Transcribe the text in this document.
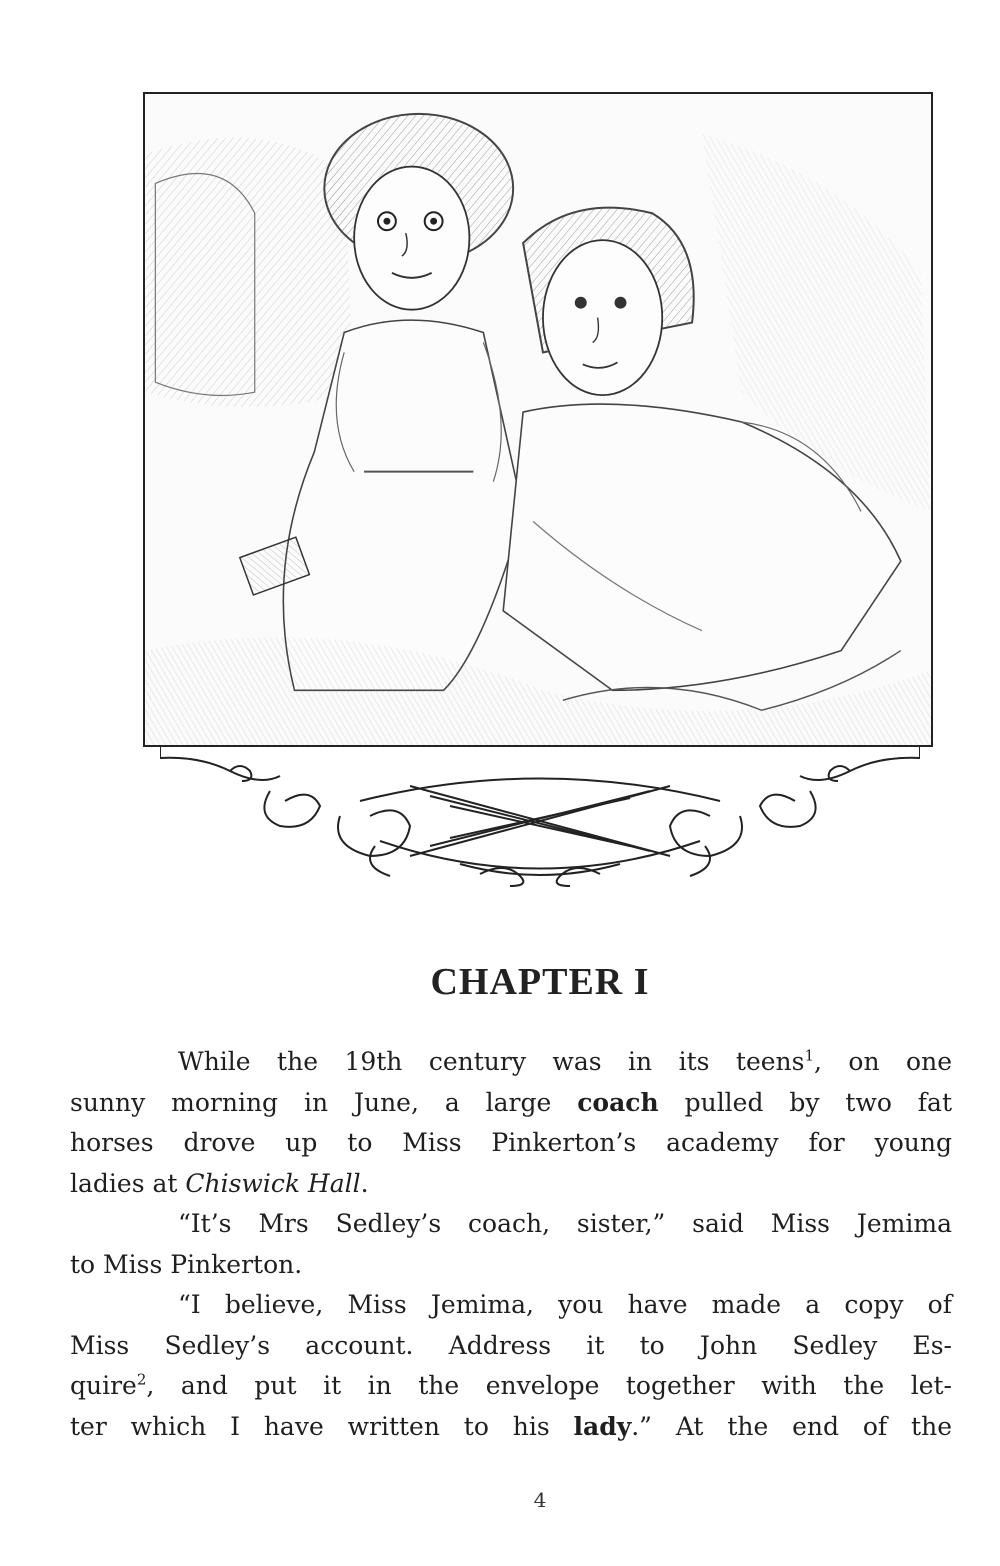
CHAPTER I
While the 19th century was in its teens$^1$, on one
sunny morning in June, a large coach pulled by two fat
horses drove up to Miss Pinkerton’s academy for young
ladies at Chiswick Hall.
“It’s Mrs Sedley’s coach, sister,” said Miss Jemima
to Miss Pinkerton.
“I believe, Miss Jemima, you have made a copy of
Miss Sedley’s account. Address it to John Sedley Es-
quire$^2$, and put it in the envelope together with the let-
ter which I have written to his lady.” At the end of the
4
